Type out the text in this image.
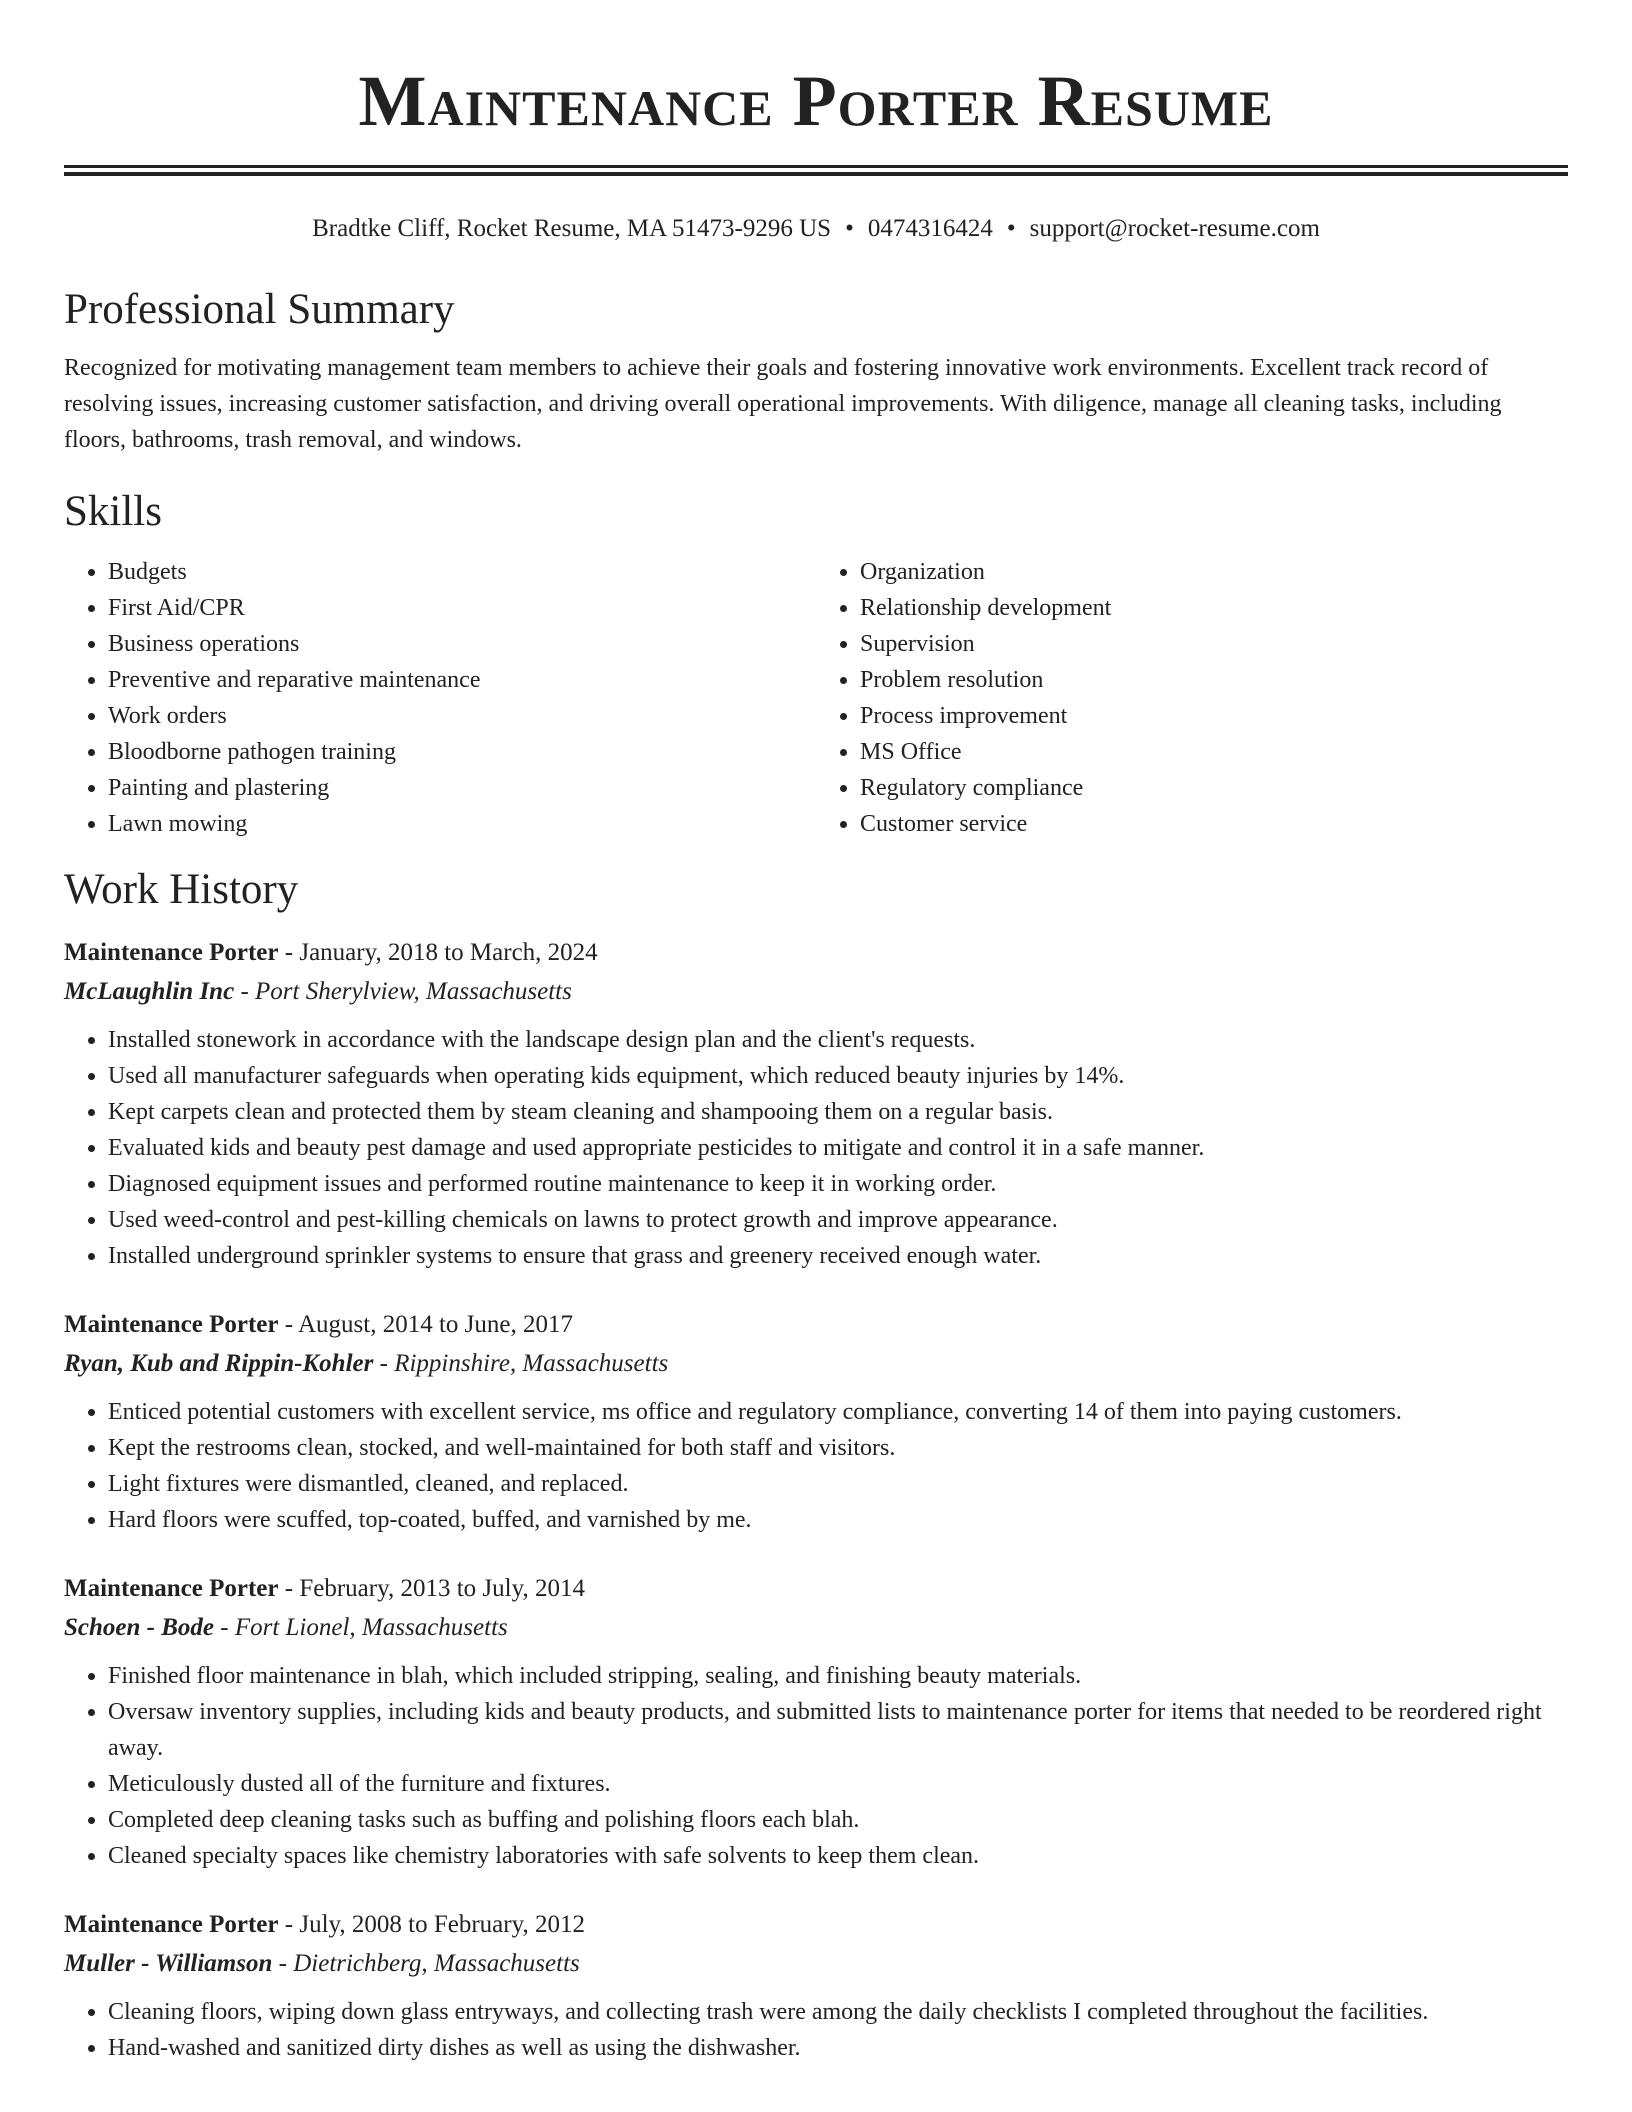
Maintenance Porter Resume
Bradtke Cliff, Rocket Resume, MA 51473-9296 US • 0474316424 • support@rocket-resume.com
Professional Summary

Recognized for motivating management team members to achieve their goals and fostering innovative work environments. Excellent track record of resolving issues, increasing customer satisfaction, and driving overall operational improvements. With diligence, manage all cleaning tasks, including floors, bathrooms, trash removal, and windows.

Skills
• Budgets
• First Aid/CPR
• Business operations
• Preventive and reparative maintenance
• Work orders
• Bloodborne pathogen training
• Painting and plastering
• Lawn mowing
• Organization
• Relationship development
• Supervision
• Problem resolution
• Process improvement
• MS Office
• Regulatory compliance
• Customer service
Work History
Maintenance Porter - January, 2018 to March, 2024
McLaughlin Inc - Port Sherylview, Massachusetts
• Installed stonework in accordance with the landscape design plan and the client's requests.
• Used all manufacturer safeguards when operating kids equipment, which reduced beauty injuries by 14%.
• Kept carpets clean and protected them by steam cleaning and shampooing them on a regular basis.
• Evaluated kids and beauty pest damage and used appropriate pesticides to mitigate and control it in a safe manner.
• Diagnosed equipment issues and performed routine maintenance to keep it in working order.
• Used weed-control and pest-killing chemicals on lawns to protect growth and improve appearance.
• Installed underground sprinkler systems to ensure that grass and greenery received enough water.
Maintenance Porter - August, 2014 to June, 2017
Ryan, Kub and Rippin-Kohler - Rippinshire, Massachusetts
• Enticed potential customers with excellent service, ms office and regulatory compliance, converting 14 of them into paying customers.
• Kept the restrooms clean, stocked, and well-maintained for both staff and visitors.
• Light fixtures were dismantled, cleaned, and replaced.
• Hard floors were scuffed, top-coated, buffed, and varnished by me.
Maintenance Porter - February, 2013 to July, 2014
Schoen - Bode - Fort Lionel, Massachusetts
• Finished floor maintenance in blah, which included stripping, sealing, and finishing beauty materials.
• Oversaw inventory supplies, including kids and beauty products, and submitted lists to maintenance porter for items that needed to be reordered right away.
• Meticulously dusted all of the furniture and fixtures.
• Completed deep cleaning tasks such as buffing and polishing floors each blah.
• Cleaned specialty spaces like chemistry laboratories with safe solvents to keep them clean.
Maintenance Porter - July, 2008 to February, 2012
Muller - Williamson - Dietrichberg, Massachusetts
• Cleaning floors, wiping down glass entryways, and collecting trash were among the daily checklists I completed throughout the facilities.
• Hand-washed and sanitized dirty dishes as well as using the dishwasher.
